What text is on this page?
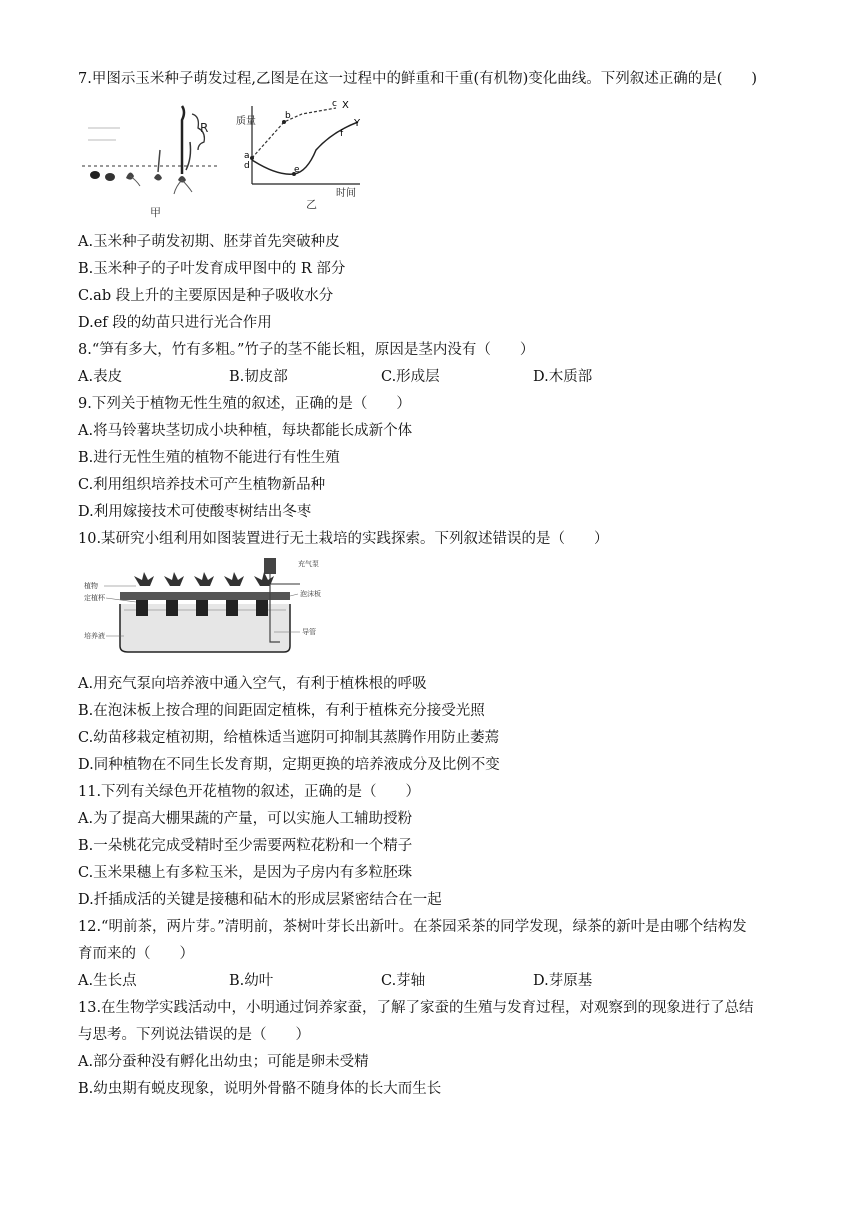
7.甲图示玉米种子萌发过程,乙图是在这一过程中的鲜重和干重(有机物)变化曲线。下列叙述正确的是(　　)
R
甲
质量
时间
a
d
b
c X
e
f
Y
乙
A.玉米种子萌发初期、胚芽首先突破种皮
B.玉米种子的子叶发育成甲图中的 R 部分
C.ab 段上升的主要原因是种子吸收水分
D.ef 段的幼苗只进行光合作用
8.“笋有多大，竹有多粗。”竹子的茎不能长粗，原因是茎内没有（　　）
A.表皮	B.韧皮部	C.形成层	D.木质部
9.下列关于植物无性生殖的叙述，正确的是（　　）
A.将马铃薯块茎切成小块种植，每块都能长成新个体
B.进行无性生殖的植物不能进行有性生殖
C.利用组织培养技术可产生植物新品种
D.利用嫁接技术可使酸枣树结出冬枣
10.某研究小组利用如图装置进行无土栽培的实践探索。下列叙述错误的是（　　）
充气泵
植物
定植杯	泡沫板
培养液	导管
A.用充气泵向培养液中通入空气，有利于植株根的呼吸
B.在泡沫板上按合理的间距固定植株，有利于植株充分接受光照
C.幼苗移栽定植初期，给植株适当遮阴可抑制其蒸腾作用防止萎蔫
D.同种植物在不同生长发育期，定期更换的培养液成分及比例不变
11.下列有关绿色开花植物的叙述，正确的是（　　）
A.为了提高大棚果蔬的产量，可以实施人工辅助授粉
B.一朵桃花完成受精时至少需要两粒花粉和一个精子
C.玉米果穗上有多粒玉米，是因为子房内有多粒胚珠
D.扦插成活的关键是接穗和砧木的形成层紧密结合在一起
12.“明前茶，两片芽。”清明前，茶树叶芽长出新叶。在茶园采茶的同学发现，绿茶的新叶是由哪个结构发
育而来的（　　）
A.生长点	B.幼叶	C.芽轴	D.芽原基
13.在生物学实践活动中，小明通过饲养家蚕，了解了家蚕的生殖与发育过程，对观察到的现象进行了总结
与思考。下列说法错误的是（　　）
A.部分蚕种没有孵化出幼虫；可能是卵未受精
B.幼虫期有蜕皮现象，说明外骨骼不随身体的长大而生长
